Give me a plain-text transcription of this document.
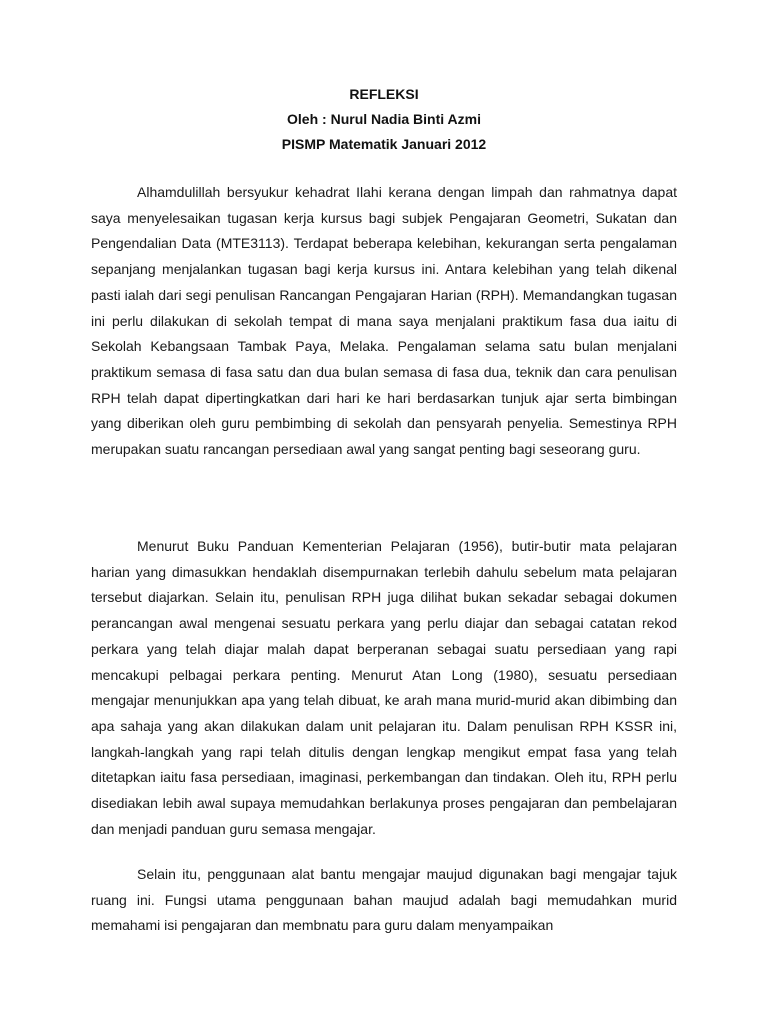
REFLEKSI
Oleh : Nurul Nadia Binti Azmi
PISMP Matematik Januari 2012

Alhamdulillah bersyukur kehadrat Ilahi kerana dengan limpah dan rahmatnya dapat saya menyelesaikan tugasan kerja kursus bagi subjek Pengajaran Geometri, Sukatan dan Pengendalian Data (MTE3113). Terdapat beberapa kelebihan, kekurangan serta pengalaman sepanjang menjalankan tugasan bagi kerja kursus ini. Antara kelebihan yang telah dikenal pasti ialah dari segi penulisan Rancangan Pengajaran Harian (RPH). Memandangkan tugasan ini perlu dilakukan di sekolah tempat di mana saya menjalani praktikum fasa dua iaitu di Sekolah Kebangsaan Tambak Paya, Melaka. Pengalaman selama satu bulan menjalani praktikum semasa di fasa satu dan dua bulan semasa di fasa dua, teknik dan cara penulisan RPH telah dapat dipertingkatkan dari hari ke hari berdasarkan tunjuk ajar serta bimbingan yang diberikan oleh guru pembimbing di sekolah dan pensyarah penyelia. Semestinya RPH merupakan suatu rancangan persediaan awal yang sangat penting bagi seseorang guru.

Menurut Buku Panduan Kementerian Pelajaran (1956), butir-butir mata pelajaran harian yang dimasukkan hendaklah disempurnakan terlebih dahulu sebelum mata pelajaran tersebut diajarkan. Selain itu, penulisan RPH juga dilihat bukan sekadar sebagai dokumen perancangan awal mengenai sesuatu perkara yang perlu diajar dan sebagai catatan rekod perkara yang telah diajar malah dapat berperanan sebagai suatu persediaan yang rapi mencakupi pelbagai perkara penting. Menurut Atan Long (1980), sesuatu persediaan mengajar menunjukkan apa yang telah dibuat, ke arah mana murid-murid akan dibimbing dan apa sahaja yang akan dilakukan dalam unit pelajaran itu. Dalam penulisan RPH KSSR ini, langkah-langkah yang rapi telah ditulis dengan lengkap mengikut empat fasa yang telah ditetapkan iaitu fasa persediaan, imaginasi, perkembangan dan tindakan. Oleh itu, RPH perlu disediakan lebih awal supaya memudahkan berlakunya proses pengajaran dan pembelajaran dan menjadi panduan guru semasa mengajar.

Selain itu, penggunaan alat bantu mengajar maujud digunakan bagi mengajar tajuk ruang ini. Fungsi utama penggunaan bahan maujud adalah bagi memudahkan murid memahami isi pengajaran dan membnatu para guru dalam menyampaikan
